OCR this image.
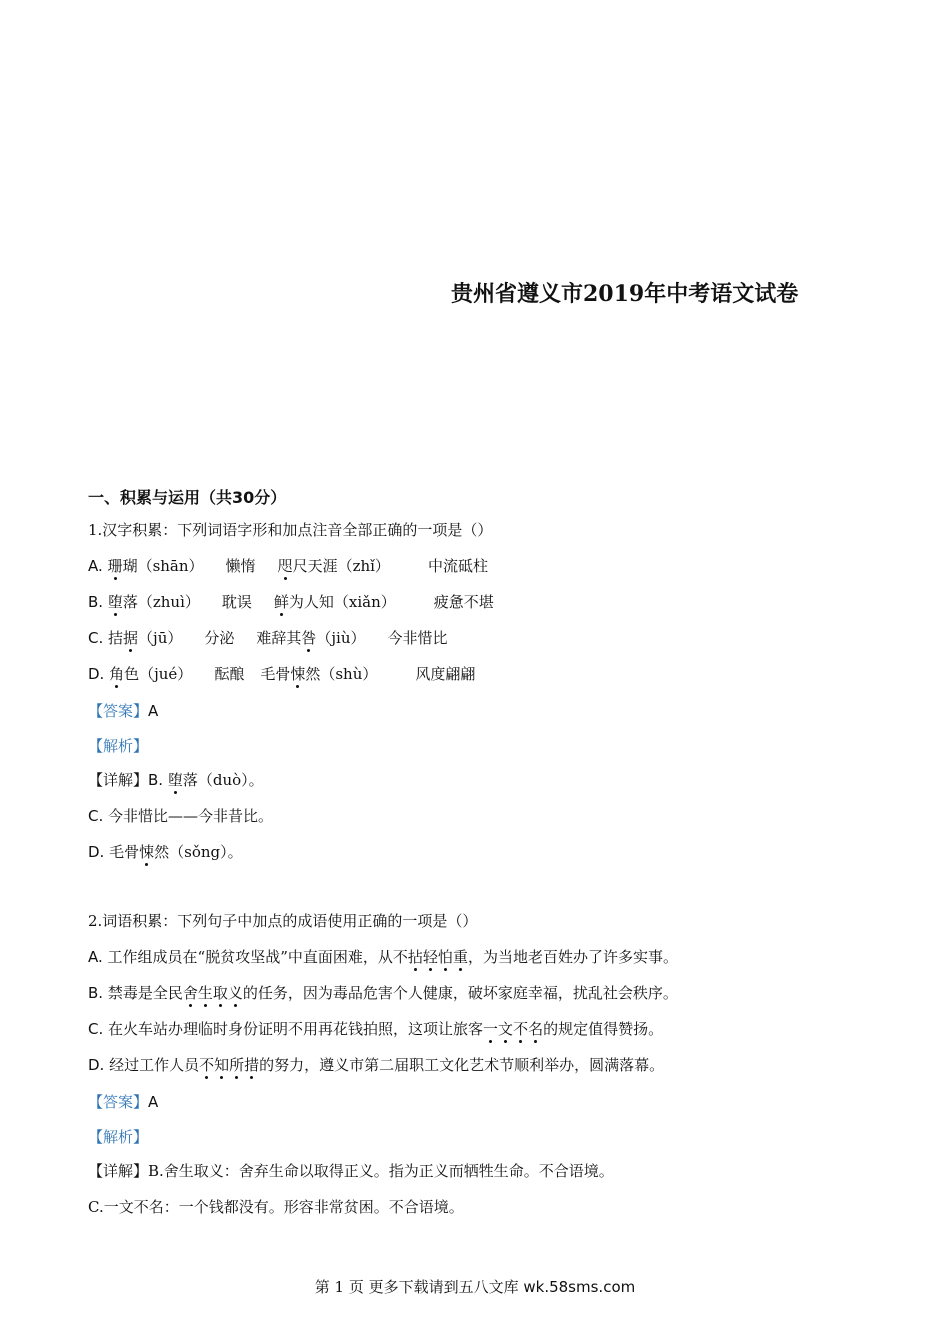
贵州省遵义市2019年中考语文试卷
一、积累与运用（共30分）
1.汉字积累：下列词语字形和加点注音全部正确的一项是（）
A. 珊瑚（shān） 懒惰 咫尺天涯（zhǐ）	中流砥柱
B. 堕落（zhuì） 耽误 鲜为人知（xiǎn）	疲惫不堪
C. 拮据（jū） 分泌 难辞其咎（jiù） 今非惜比
D. 角色（jué） 酝酿 毛骨悚然（shù）	风度翩翩
【答案】A
【解析】
【详解】B. 堕落（duò）。
C. 今非惜比——今非昔比。
D. 毛骨悚然（sǒng）。
2.词语积累：下列句子中加点的成语使用正确的一项是（）
A. 工作组成员在“脱贫攻坚战”中直面困难，从不拈轻怕重，为当地老百姓办了许多实事。
B. 禁毒是全民舍生取义的任务，因为毒品危害个人健康，破坏家庭幸福，扰乱社会秩序。
C. 在火车站办理临时身份证明不用再花钱拍照，这项让旅客一文不名的规定值得赞扬。
D. 经过工作人员不知所措的努力，遵义市第二届职工文化艺术节顺利举办，圆满落幕。
【答案】A
【解析】
【详解】B.舍生取义：舍弃生命以取得正义。指为正义而牺牲生命。不合语境。
C.一文不名：一个钱都没有。形容非常贫困。不合语境。
第 1 页 更多下载请到五八文库 wk.58sms.com
